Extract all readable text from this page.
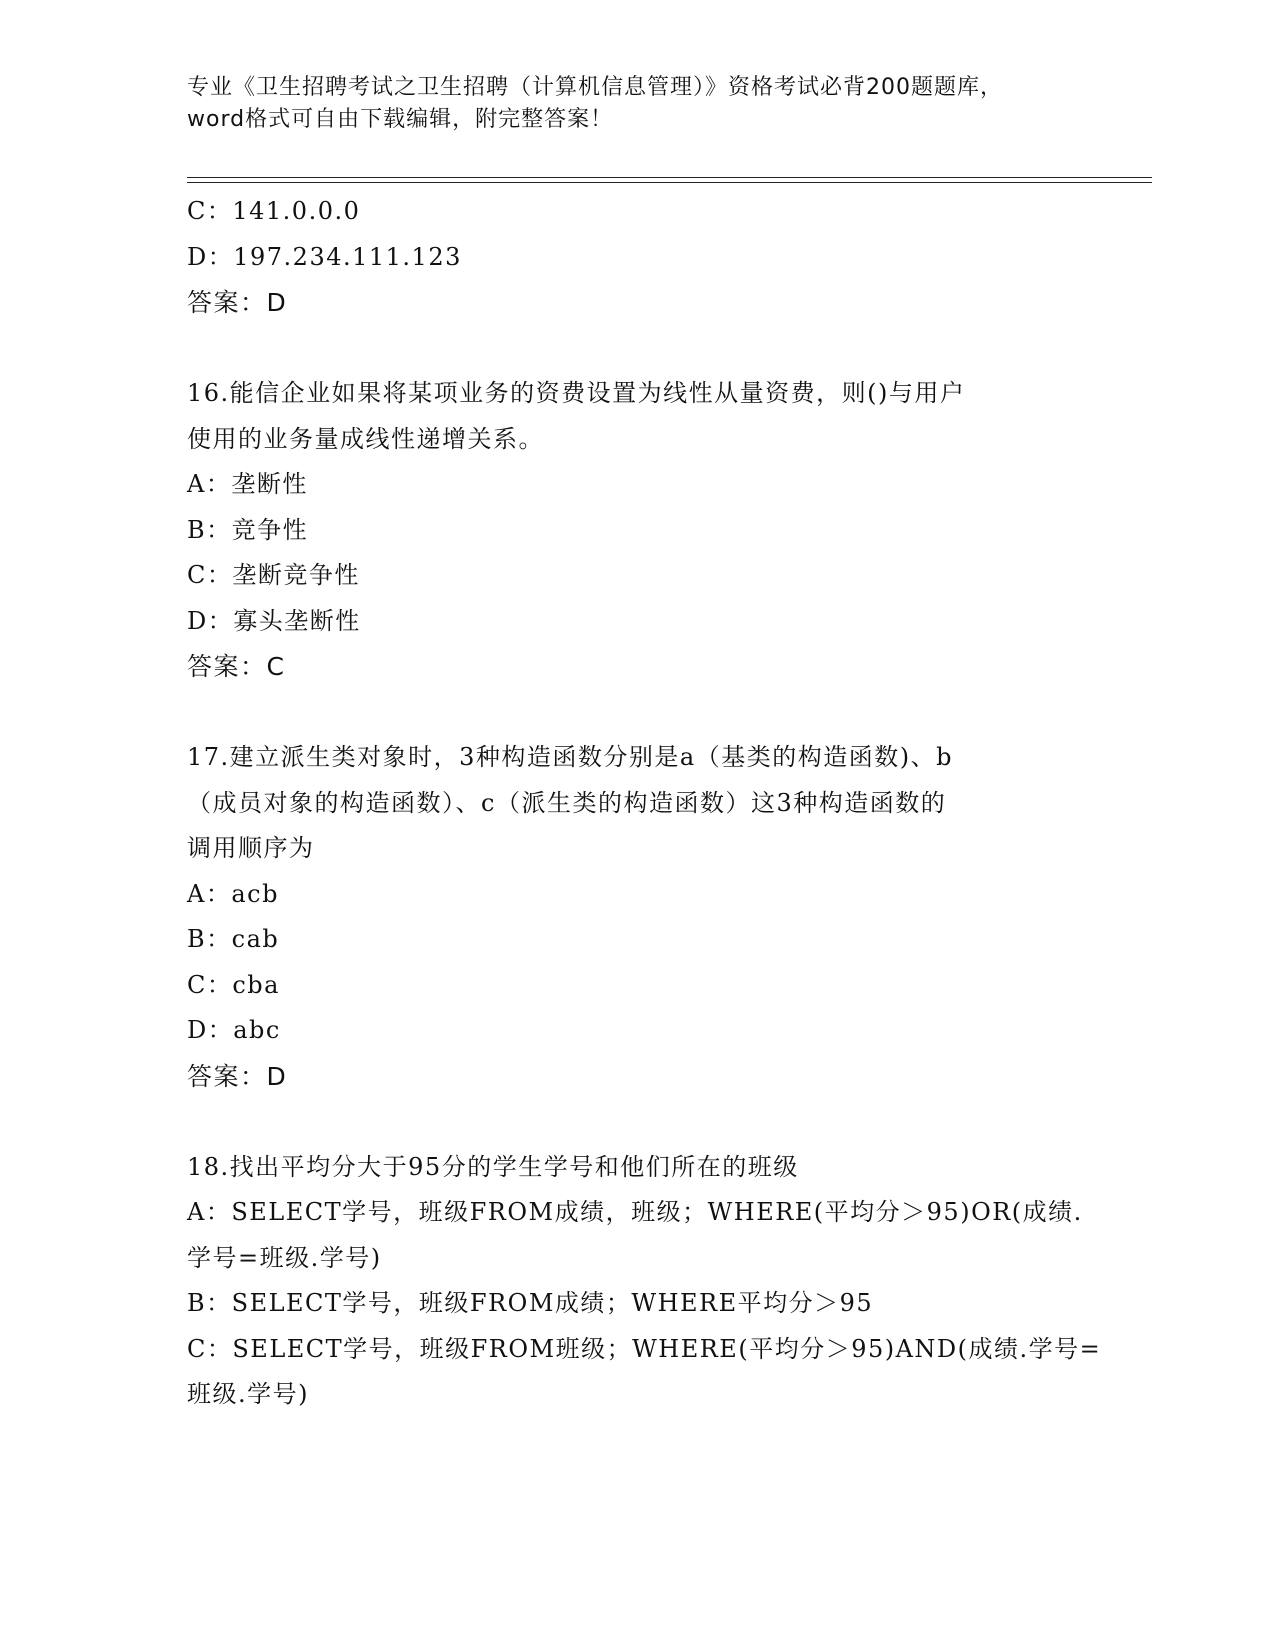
专业《卫生招聘考试之卫生招聘（计算机信息管理）》资格考试必背200题题库，
word格式可自由下载编辑，附完整答案！
C：141.0.0.0
D：197.234.111.123
答案：D
16.能信企业如果将某项业务的资费设置为线性从量资费，则()与用户
使用的业务量成线性递增关系。
A：垄断性
B：竞争性
C：垄断竞争性
D：寡头垄断性
答案：C
17.建立派生类对象时，3种构造函数分别是a（基类的构造函数)、b
（成员对象的构造函数）、c（派生类的构造函数）这3种构造函数的
调用顺序为
A：acb
B：cab
C：cba
D：abc
答案：D
18.找出平均分大于95分的学生学号和他们所在的班级
A：SELECT学号，班级FROM成绩，班级；WHERE(平均分＞95)OR(成绩.
学号=班级.学号)
B：SELECT学号，班级FROM成绩；WHERE平均分＞95
C：SELECT学号，班级FROM班级；WHERE(平均分＞95)AND(成绩.学号=
班级.学号)
